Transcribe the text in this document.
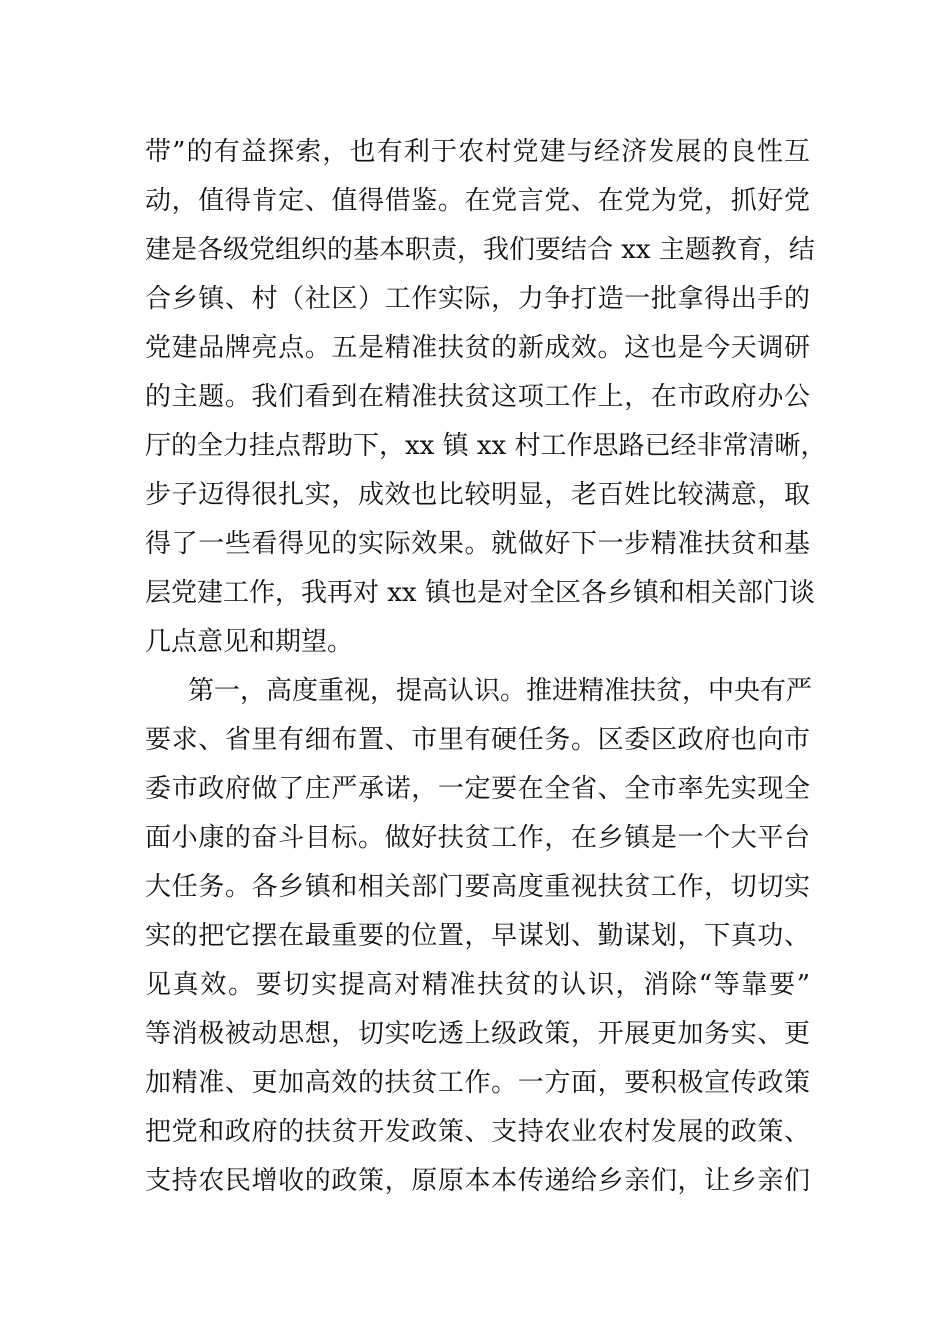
带”的有益探索，也有利于农村党建与经济发展的良性互
动，值得肯定、值得借鉴。在党言党、在党为党，抓好党
建是各级党组织的基本职责，我们要结合 xx 主题教育，结
合乡镇、村（社区）工作实际，力争打造一批拿得出手的
党建品牌亮点。五是精准扶贫的新成效。这也是今天调研
的主题。我们看到在精准扶贫这项工作上，在市政府办公
厅的全力挂点帮助下，xx 镇 xx 村工作思路已经非常清晰，
步子迈得很扎实，成效也比较明显，老百姓比较满意，取
得了一些看得见的实际效果。就做好下一步精准扶贫和基
层党建工作，我再对 xx 镇也是对全区各乡镇和相关部门谈
几点意见和期望。
第一，高度重视，提高认识。推进精准扶贫，中央有严
要求、省里有细布置、市里有硬任务。区委区政府也向市
委市政府做了庄严承诺，一定要在全省、全市率先实现全
面小康的奋斗目标。做好扶贫工作，在乡镇是一个大平台
大任务。各乡镇和相关部门要高度重视扶贫工作，切切实
实的把它摆在最重要的位置，早谋划、勤谋划，下真功、
见真效。要切实提高对精准扶贫的认识，消除“等靠要”
等消极被动思想，切实吃透上级政策，开展更加务实、更
加精准、更加高效的扶贫工作。一方面，要积极宣传政策
把党和政府的扶贫开发政策、支持农业农村发展的政策、
支持农民增收的政策，原原本本传递给乡亲们，让乡亲们
